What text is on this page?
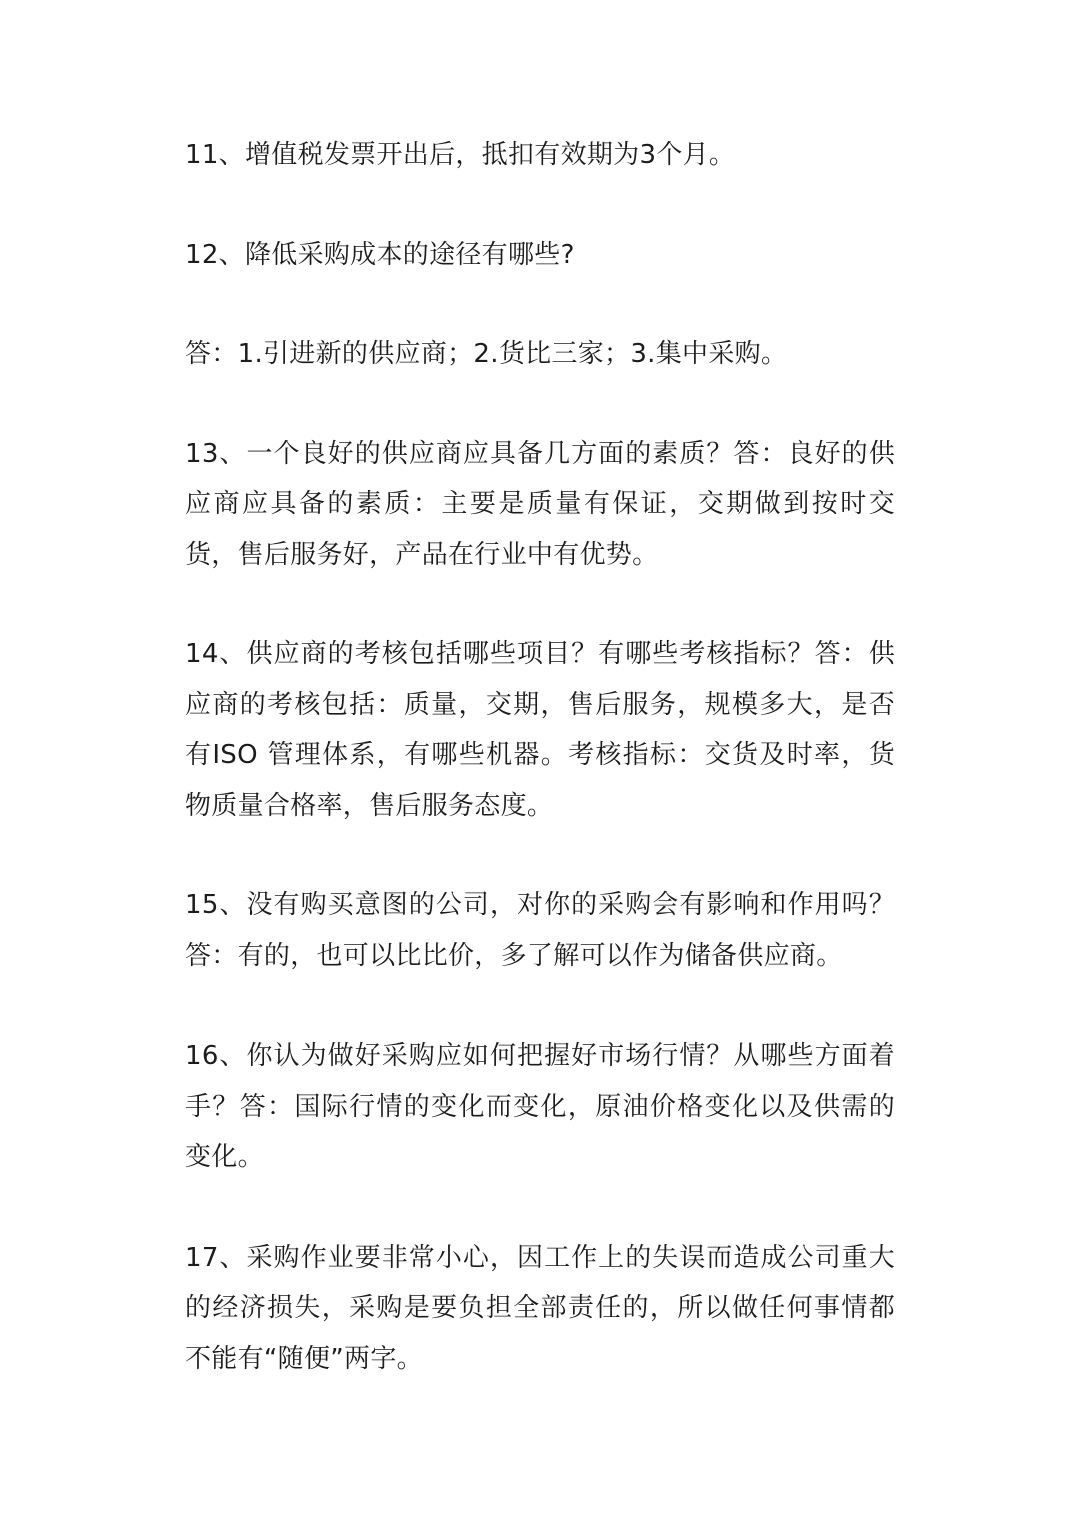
11、增值税发票开出后，抵扣有效期为3个月。

12、降低采购成本的途径有哪些?

答：1.引进新的供应商；2.货比三家；3.集中采购。

13、一个良好的供应商应具备几方面的素质？答：良好的供应商应具备的素质：主要是质量有保证，交期做到按时交货，售后服务好，产品在行业中有优势。

14、供应商的考核包括哪些项目？有哪些考核指标？答：供应商的考核包括：质量，交期，售后服务，规模多大，是否有ISO 管理体系，有哪些机器。考核指标：交货及时率，货物质量合格率，售后服务态度。

15、没有购买意图的公司，对你的采购会有影响和作用吗？答：有的，也可以比比价，多了解可以作为储备供应商。

16、你认为做好采购应如何把握好市场行情？从哪些方面着手？答：国际行情的变化而变化，原油价格变化以及供需的变化。

17、采购作业要非常小心，因工作上的失误而造成公司重大的经济损失，采购是要负担全部责任的，所以做任何事情都不能有“随便”两字。
